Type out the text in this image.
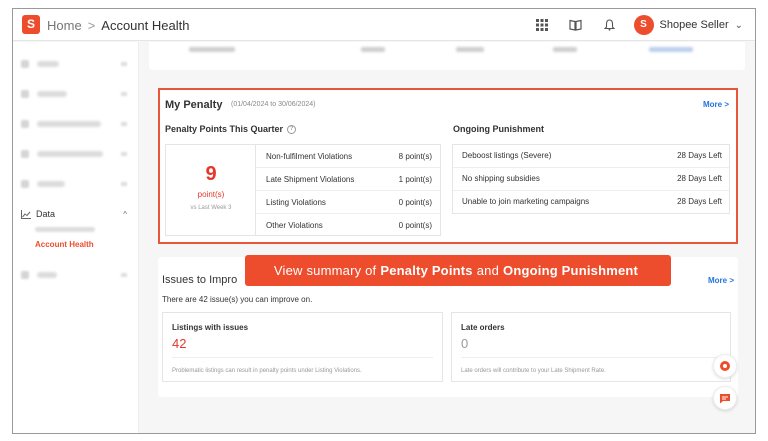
S Home > Account Health	S	Shopee Seller ⌄
Data	^
Account Health
My Penalty (01/04/2024 to 30/06/2024)	More >
Penalty Points This Quarter ?	Ongoing Punishment
9
point(s)
vs Last Week 3
Non-fulfilment Violations	8 point(s)
Late Shipment Violations	1 point(s)
Listing Violations	0 point(s)
Other Violations	0 point(s)
Deboost listings (Severe)	28 Days Left
No shipping subsidies	28 Days Left
Unable to join marketing campaigns	28 Days Left
Issues to Impro	More >
There are 42 issue(s) you can improve on.
Listings with issues
42
Problematic listings can result in penalty points under Listing Violations.
Late orders
0
Late orders will contribute to your Late Shipment Rate.
View summary of Penalty Points and Ongoing Punishment
